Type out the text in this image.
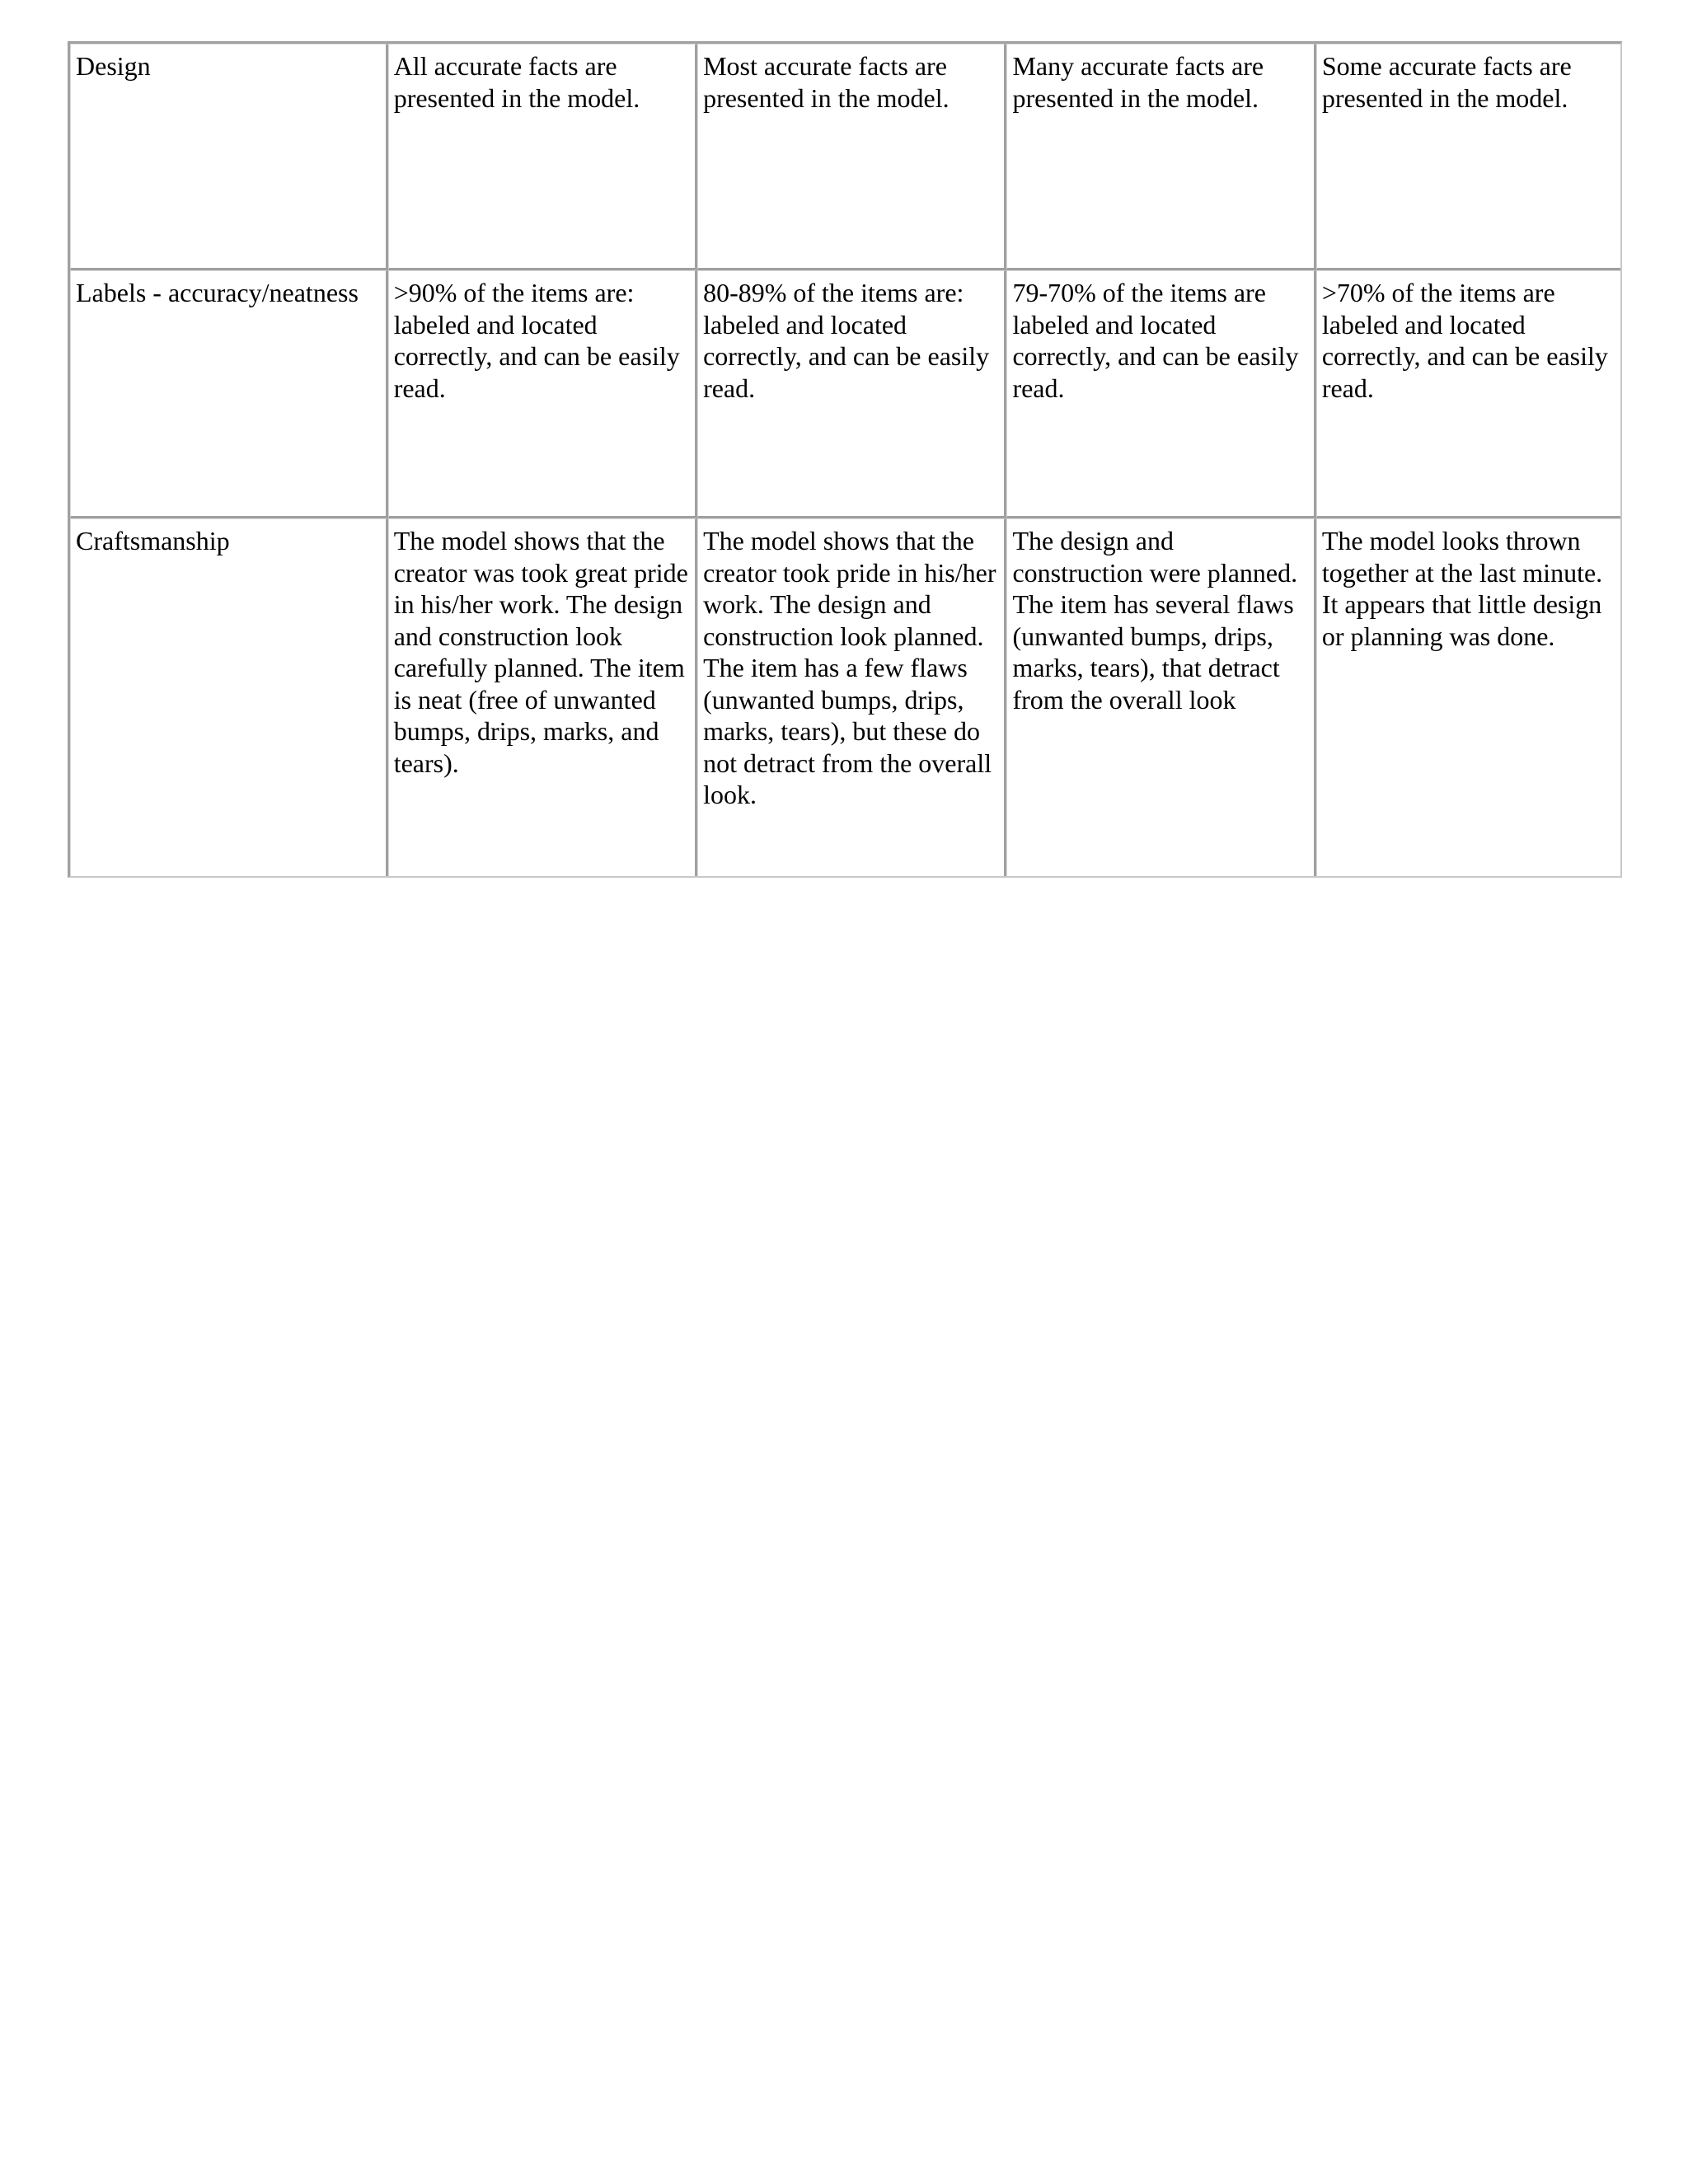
Design	All accurate facts are presented in the model.	Most accurate facts are presented in the model.	Many accurate facts are presented in the model.	Some accurate facts are presented in the model.
Labels - accuracy/neatness	>90% of the items are: labeled and located correctly, and can be easily read.	80-89% of the items are: labeled and located correctly, and can be easily read.	79-70% of the items are labeled and located correctly, and can be easily read.	>70% of the items are labeled and located correctly, and can be easily read.
Craftsmanship	The model shows that the creator was took great pride in his/her work. The design and construction look carefully planned. The item is neat (free of unwanted bumps, drips, marks, and tears).	The model shows that the creator took pride in his/her work. The design and construction look planned. The item has a few flaws (unwanted bumps, drips, marks, tears), but these do not detract from the overall look.	The design and construction were planned. The item has several flaws (unwanted bumps, drips, marks, tears), that detract from the overall look	The model looks thrown together at the last minute. It appears that little design or planning was done.
